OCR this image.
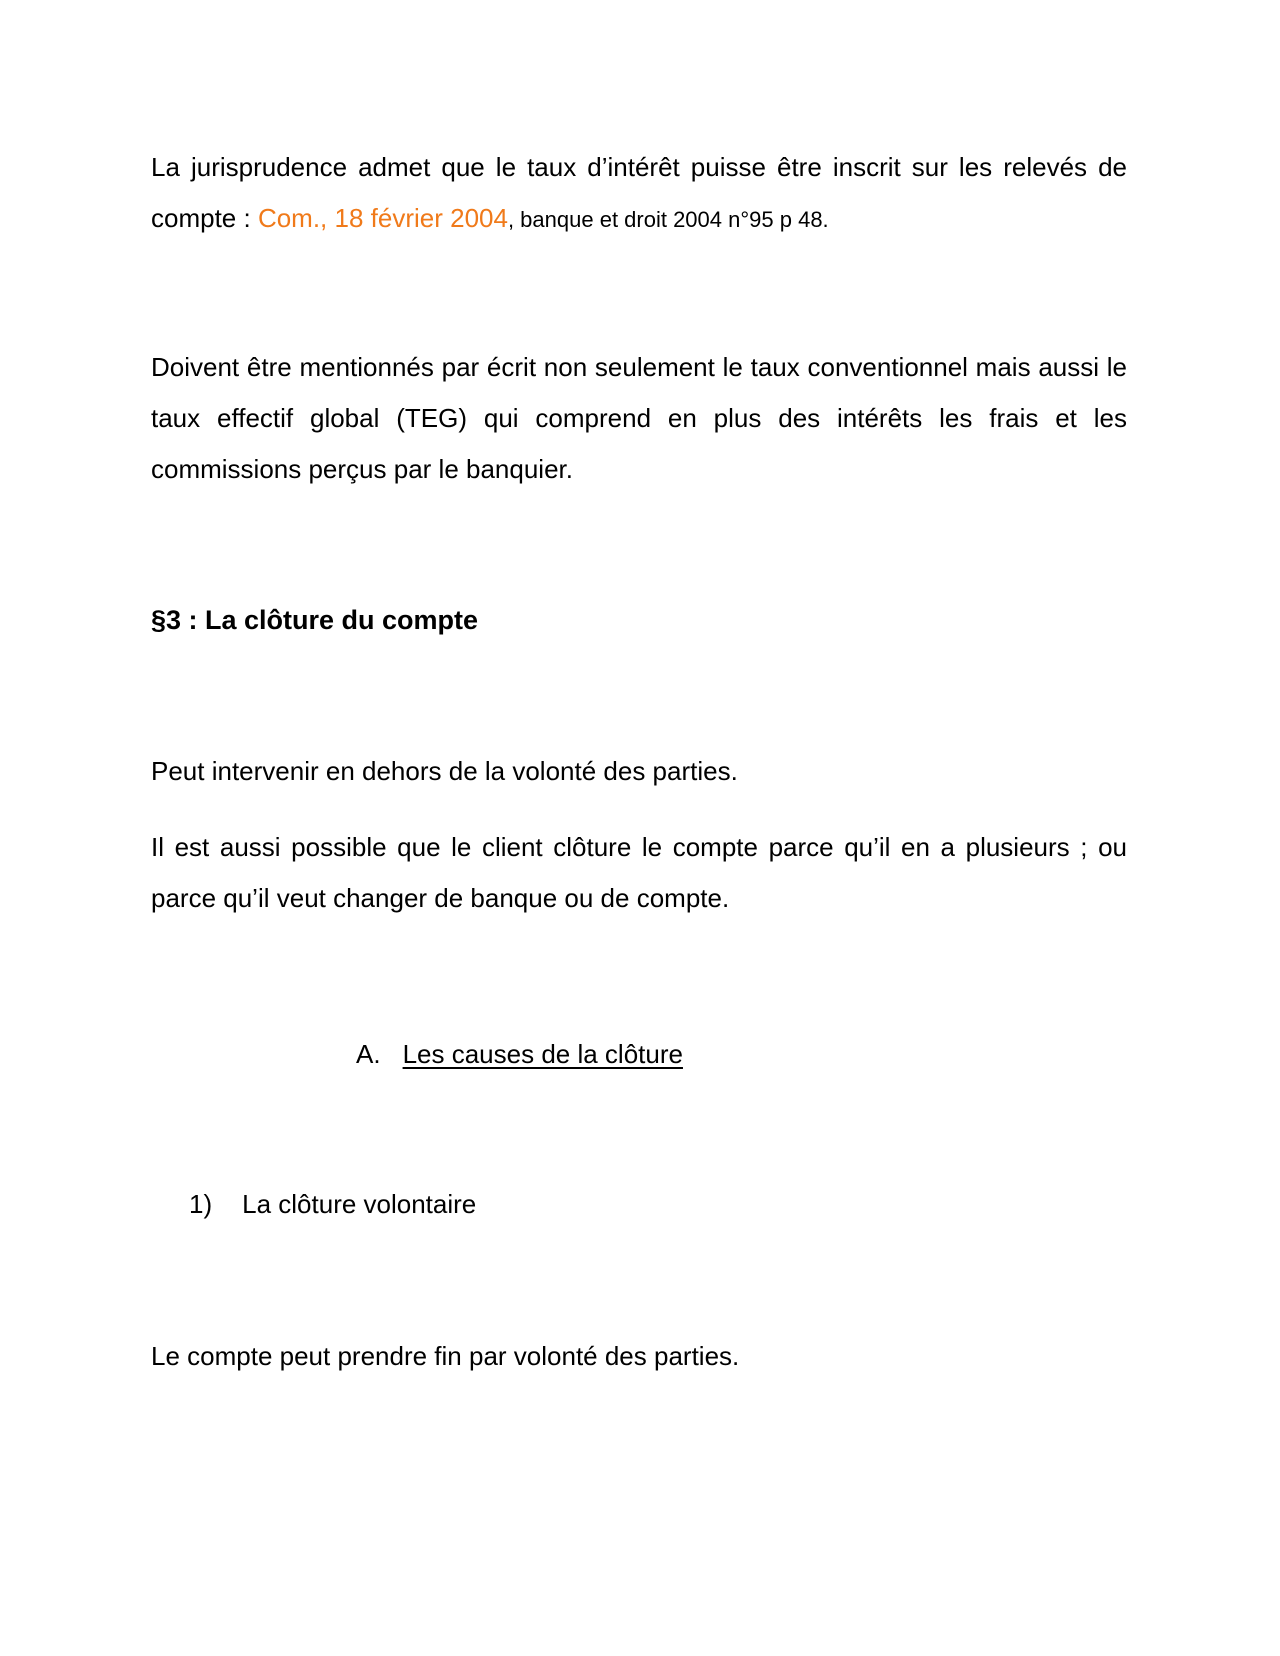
La jurisprudence admet que le taux d’intérêt puisse être inscrit sur les relevés de compte : Com., 18 février 2004, banque et droit 2004 n°95 p 48.

Doivent être mentionnés par écrit non seulement le taux conventionnel mais aussi le taux effectif global (TEG) qui comprend en plus des intérêts les frais et les commissions perçus par le banquier.

§3 : La clôture du compte

Peut intervenir en dehors de la volonté des parties.

Il est aussi possible que le client clôture le compte parce qu’il en a plusieurs ; ou parce qu’il veut changer de banque ou de compte.

A. Les causes de la clôture
1) La clôture volontaire

Le compte peut prendre fin par volonté des parties.
